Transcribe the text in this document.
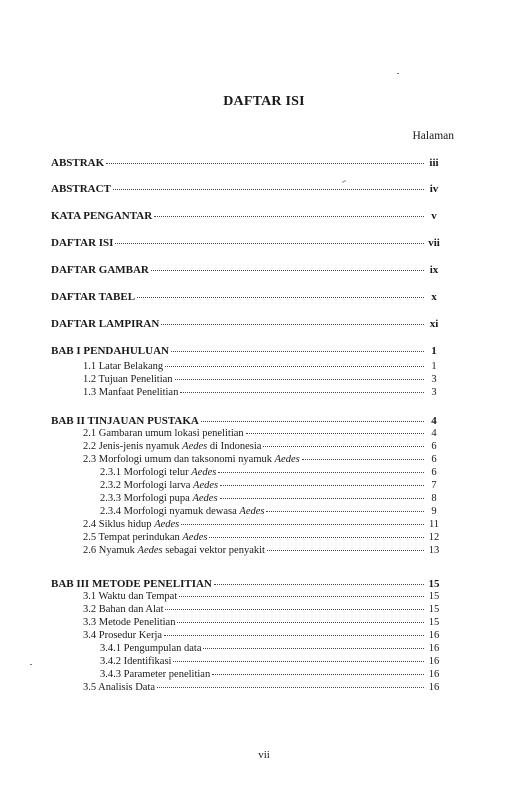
DAFTAR ISI
Halaman
ABSTRAK	iii
ABSTRACT	iv
KATA PENGANTAR	v
DAFTAR ISI	vii
DAFTAR GAMBAR	ix
DAFTAR TABEL	x
DAFTAR LAMPIRAN	xi
BAB I PENDAHULUAN	1
1.1 Latar Belakang	1
1.2 Tujuan Penelitian	3
1.3 Manfaat Penelitian	3
BAB II TINJAUAN PUSTAKA	4
2.1 Gambaran umum lokasi penelitian	4
2.2 Jenis-jenis nyamuk Aedes di Indonesia	6
2.3 Morfologi umum dan taksonomi nyamuk Aedes	6
2.3.1 Morfologi telur Aedes	6
2.3.2 Morfologi larva Aedes	7
2.3.3 Morfologi pupa Aedes	8
2.3.4 Morfologi nyamuk dewasa Aedes	9
2.4 Siklus hidup Aedes	11
2.5 Tempat perindukan Aedes	12
2.6 Nyamuk Aedes sebagai vektor penyakit	13
BAB III METODE PENELITIAN	15
3.1 Waktu dan Tempat	15
3.2 Bahan dan Alat	15
3.3 Metode Penelitian	15
3.4 Prosedur Kerja	16
3.4.1 Pengumpulan data	16
3.4.2 Identifikasi	16
3.4.3 Parameter penelitian	16
3.5 Analisis Data	16
vii
